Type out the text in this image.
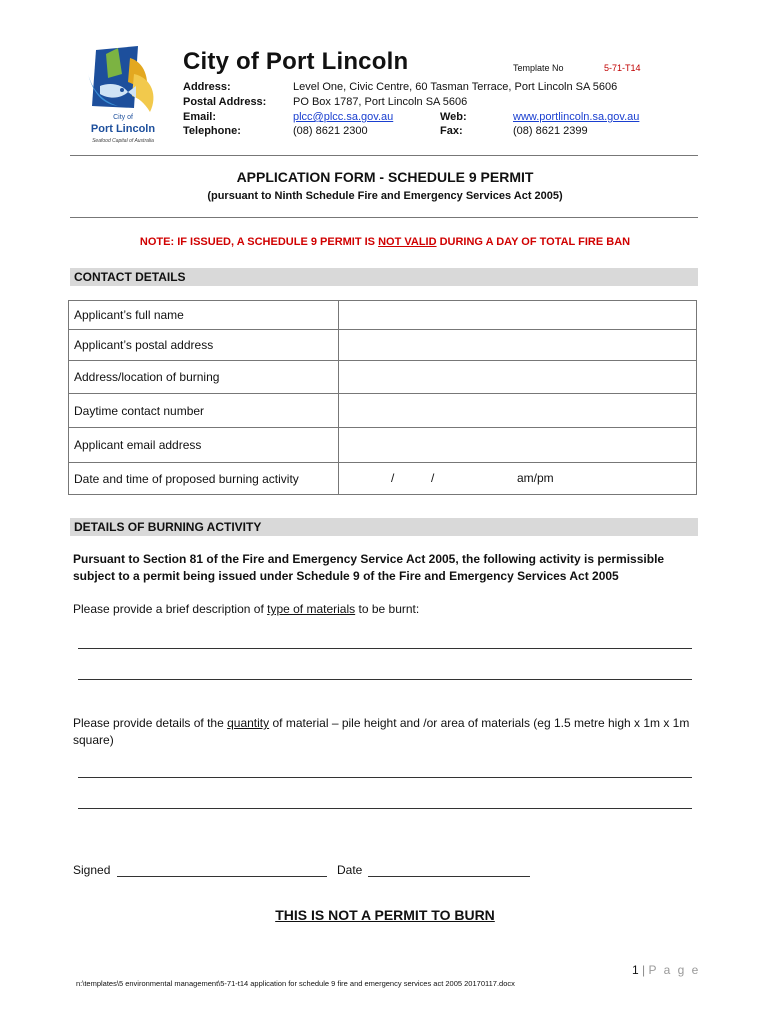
City of
Port Lincoln
Seafood Capital of Australia
City of Port Lincoln	Template No	5-71-T14
Address:	Level One, Civic Centre, 60 Tasman Terrace, Port Lincoln SA 5606
Postal Address: PO Box 1787, Port Lincoln SA 5606
Email:	plcc@plcc.sa.gov.au	Web:	www.portlincoln.sa.gov.au
Telephone:	(08) 8621 2300	Fax:	(08) 8621 2399
APPLICATION FORM - SCHEDULE 9 PERMIT
(pursuant to Ninth Schedule Fire and Emergency Services Act 2005)
NOTE: IF ISSUED, A SCHEDULE 9 PERMIT IS NOT VALID DURING A DAY OF TOTAL FIRE BAN
CONTACT DETAILS
Applicant’s full name	
Applicant’s postal address	
Address/location of burning	
Daytime contact number	
Applicant email address	
Date and time of proposed burning activity	/ / am/pm
DETAILS OF BURNING ACTIVITY
Pursuant to Section 81 of the Fire and Emergency Service Act 2005, the following activity is permissible subject to a permit being issued under Schedule 9 of the Fire and Emergency Services Act 2005
Please provide a brief description of type of materials to be burnt:
Please provide details of the quantity of material – pile height and /or area of materials (eg 1.5 metre high x 1m x 1m square)
Signed	Date
THIS IS NOT A PERMIT TO BURN
1 | P a g e
n:\templates\5 environmental management\5-71-t14 application for schedule 9 fire and emergency services act 2005 20170117.docx
